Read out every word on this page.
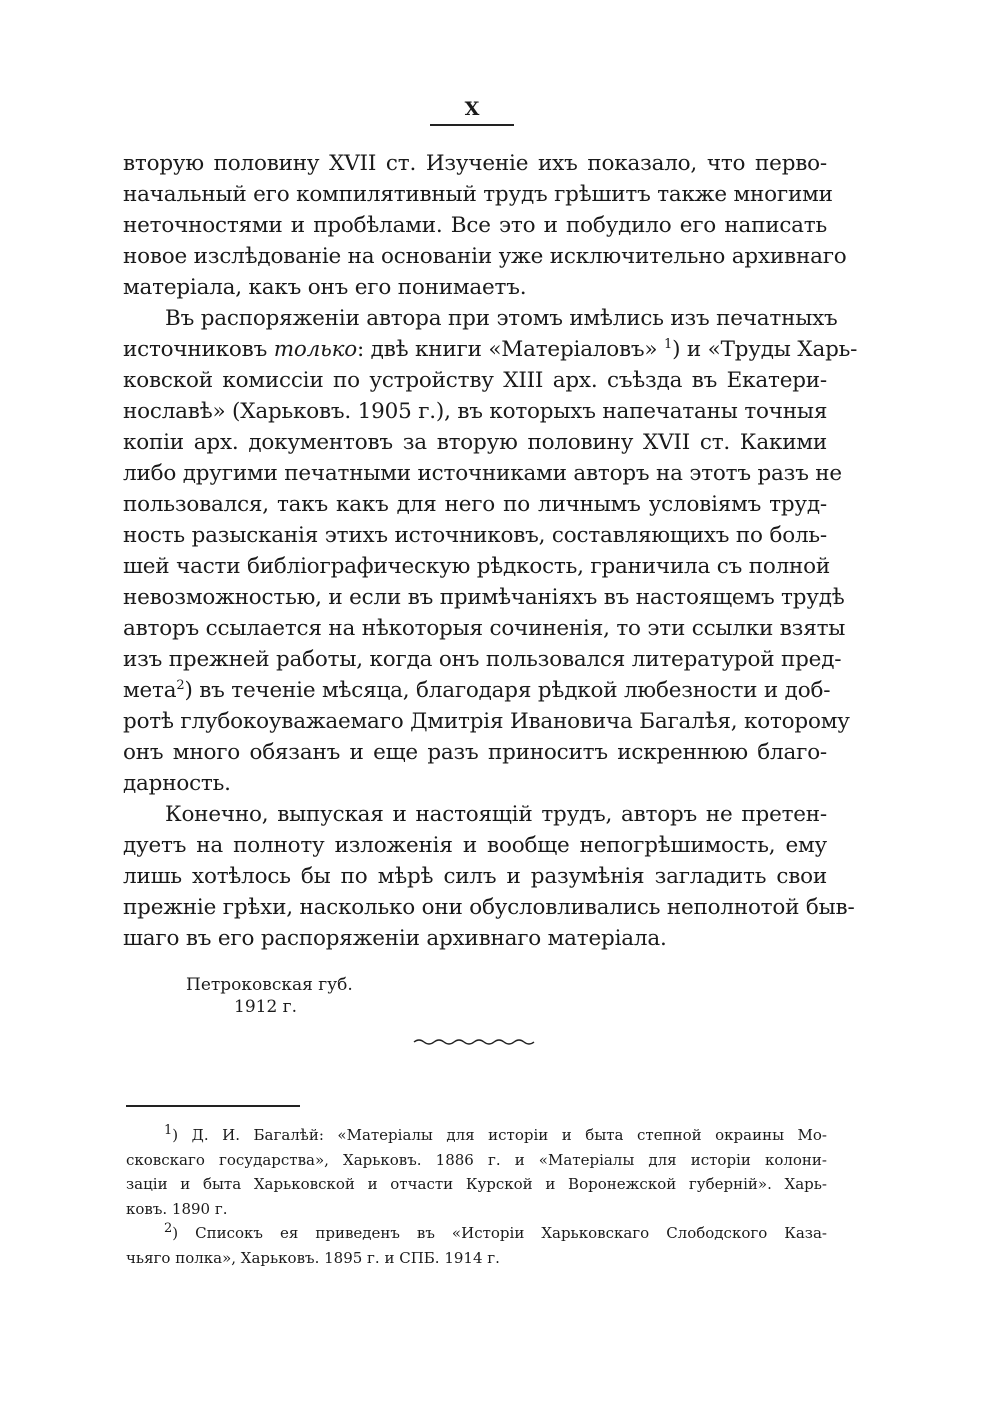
X
вторую половину XVII ст. Изученіе ихъ показало, что перво-
начальный его компилятивный трудъ грѣшитъ также многими
неточностями и пробѣлами. Все это и побудило его написать
новое изслѣдованіе на основаніи уже исключительно архивнаго
матеріала, какъ онъ его понимаетъ.
Въ распоряженіи автора при этомъ имѣлись изъ печатныхъ
источниковъ только: двѣ книги «Матеріаловъ» $^1$) и «Труды Харь-
ковской комиссіи по устройству XIII арх. съѣзда въ Екатери-
нославѣ» (Харьковъ. 1905 г.), въ которыхъ напечатаны точныя
копіи арх. документовъ за вторую половину XVII ст. Какими
либо другими печатными источниками авторъ на этотъ разъ не
пользовался, такъ какъ для него по личнымъ условіямъ труд-
ность разысканія этихъ источниковъ, составляющихъ по боль-
шей части библіографическую рѣдкость, граничила съ полной
невозможностью, и если въ примѣчаніяхъ въ настоящемъ трудѣ
авторъ ссылается на нѣкоторыя сочиненія, то эти ссылки взяты
изъ прежней работы, когда онъ пользовался литературой пред-
мета$^2$) въ теченіе мѣсяца, благодаря рѣдкой любезности и доб-
ротѣ глубокоуважаемаго Дмитрія Ивановича Багалѣя, которому
онъ много обязанъ и еще разъ приноситъ искреннюю благо-
дарность.
Конечно, выпуская и настоящій трудъ, авторъ не претен-
дуетъ на полноту изложенія и вообще непогрѣшимость, ему
лишь хотѣлось бы по мѣрѣ силъ и разумѣнія загладить свои
прежніе грѣхи, насколько они обусловливались неполнотой быв-
шаго въ его распоряженіи архивнаго матеріала.
Петроковская губ.
1912 г.
1) Д. И. Багалѣй: «Матеріалы для исторіи и быта степной окраины Мо-
сковскаго государства», Харьковъ. 1886 г. и «Матеріалы для исторіи колони-
заціи и быта Харьковской и отчасти Курской и Воронежской губерній». Харь-
ковъ. 1890 г.
2) Списокъ ея приведенъ въ «Исторіи Харьковскаго Слободского Каза-
чьяго полка», Харьковъ. 1895 г. и СПБ. 1914 г.
